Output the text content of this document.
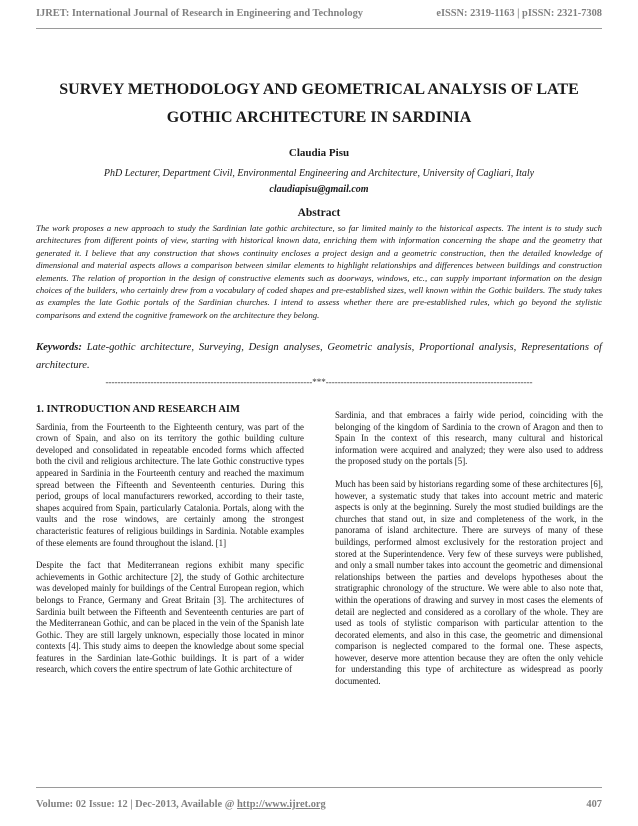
IJRET: International Journal of Research in Engineering and Technology	eISSN: 2319-1163 | pISSN: 2321-7308
SURVEY METHODOLOGY AND GEOMETRICAL ANALYSIS OF LATE
GOTHIC ARCHITECTURE IN SARDINIA
Claudia Pisu
PhD Lecturer, Department Civil, Environmental Engineering and Architecture, University of Cagliari, Italy
claudiapisu@gmail.com
Abstract
The work proposes a new approach to study the Sardinian late gothic architecture, so far limited mainly to the historical aspects. The intent is to study such architectures from different points of view, starting with historical known data, enriching them with information concerning the shape and the geometry that generated it. I believe that any construction that shows continuity encloses a project design and a geometric construction, then the detailed knowledge of dimensional and material aspects allows a comparison between similar elements to highlight relationships and differences between buildings and construction elements. The relation of proportion in the design of constructive elements such as doorways, windows, etc., can supply important information on the design choices of the builders, who certainly drew from a vocabulary of coded shapes and pre-established sizes, well known within the Gothic builders. The study takes as examples the late Gothic portals of the Sardinian churches. I intend to assess whether there are pre-established rules, which go beyond the stylistic comparisons and extend the cognitive framework on the architecture they belong.
Keywords: Late-gothic architecture, Surveying, Design analyses, Geometric analysis, Proportional analysis, Representations of architecture.
---------------------------------------------------------------------***---------------------------------------------------------------------
1. INTRODUCTION AND RESEARCH AIM

Sardinia, from the Fourteenth to the Eighteenth century, was part of the crown of Spain, and also on its territory the gothic building culture developed and consolidated in repeatable encoded forms which affected both the civil and religious architecture. The late Gothic constructive types appeared in Sardinia in the Fourteenth century and reached the maximum spread between the Fifteenth and Seventeenth centuries. During this period, groups of local manufacturers reworked, according to their taste, shapes acquired from Spain, particularly Catalonia. Portals, along with the vaults and the rose windows, are certainly among the strongest characteristic features of religious buildings in Sardinia. Notable examples of these elements are found throughout the island. [1]

Despite the fact that Mediterranean regions exhibit many specific achievements in Gothic architecture [2], the study of Gothic architecture was developed mainly for buildings of the Central European region, which belongs to France, Germany and Great Britain [3]. The architectures of Sardinia built between the Fifteenth and Seventeenth centuries are part of the Mediterranean Gothic, and can be placed in the vein of the Spanish late Gothic. They are still largely unknown, especially those located in minor contexts [4]. This study aims to deepen the knowledge about some special features in the Sardinian late-Gothic buildings. It is part of a wider research, which covers the entire spectrum of late Gothic architecture of

Sardinia, and that embraces a fairly wide period, coinciding with the belonging of the kingdom of Sardinia to the crown of Aragon and then to Spain In the context of this research, many cultural and historical information were acquired and analyzed; they were also used to address the proposed study on the portals [5].

Much has been said by historians regarding some of these architectures [6], however, a systematic study that takes into account metric and materic aspects is only at the beginning. Surely the most studied buildings are the churches that stand out, in size and completeness of the work, in the panorama of island architecture. There are surveys of many of these buildings, performed almost exclusively for the restoration project and stored at the Superintendence. Very few of these surveys were published, and only a small number takes into account the geometric and dimensional relationships between the parties and develops hypotheses about the stratigraphic chronology of the structure. We were able to also note that, within the operations of drawing and survey in most cases the elements of detail are neglected and considered as a corollary of the whole. They are used as tools of stylistic comparison with particular attention to the decorated elements, and also in this case, the geometric and dimensional comparison is neglected compared to the formal one. These aspects, however, deserve more attention because they are often the only vehicle for understanding this type of architecture as widespread as poorly documented.

Volume: 02 Issue: 12 | Dec-2013, Available @ http://www.ijret.org	407
